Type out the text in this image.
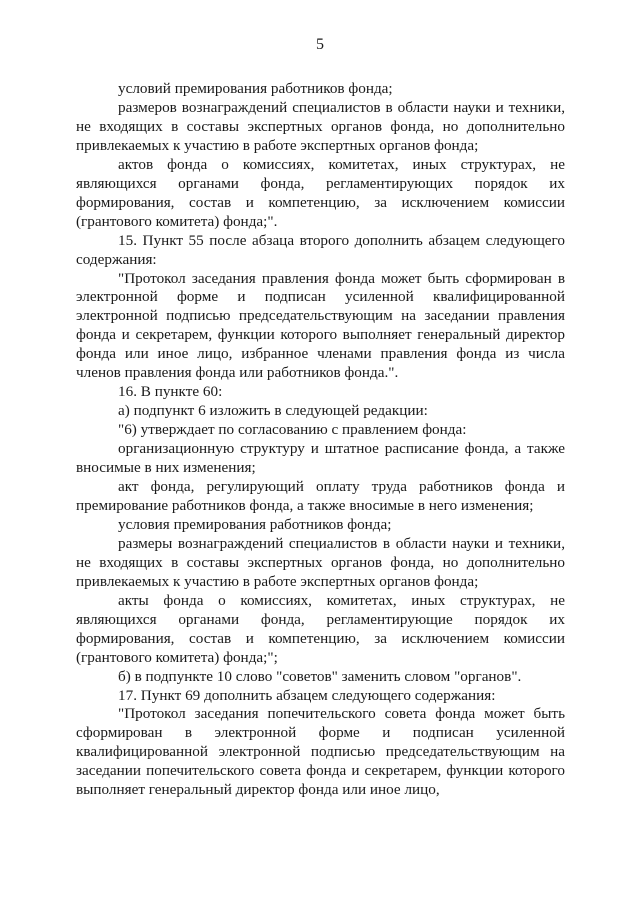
5

условий премирования работников фонда;

размеров вознаграждений специалистов в области науки и техники, не входящих в составы экспертных органов фонда, но дополнительно привлекаемых к участию в работе экспертных органов фонда;

актов фонда о комиссиях, комитетах, иных структурах, не являющихся органами фонда, регламентирующих порядок их формирования, состав и компетенцию, за исключением комиссии (грантового комитета) фонда;".

15. Пункт 55 после абзаца второго дополнить абзацем следующего содержания:

"Протокол заседания правления фонда может быть сформирован в электронной форме и подписан усиленной квалифицированной электронной подписью председательствующим на заседании правления фонда и секретарем, функции которого выполняет генеральный директор фонда или иное лицо, избранное членами правления фонда из числа членов правления фонда или работников фонда.".

16. В пункте 60:

а) подпункт 6 изложить в следующей редакции:

"6) утверждает по согласованию с правлением фонда:

организационную структуру и штатное расписание фонда, а также вносимые в них изменения;

акт фонда, регулирующий оплату труда работников фонда и премирование работников фонда, а также вносимые в него изменения;

условия премирования работников фонда;

размеры вознаграждений специалистов в области науки и техники, не входящих в составы экспертных органов фонда, но дополнительно привлекаемых к участию в работе экспертных органов фонда;

акты фонда о комиссиях, комитетах, иных структурах, не являющихся органами фонда, регламентирующие порядок их формирования, состав и компетенцию, за исключением комиссии (грантового комитета) фонда;";

б) в подпункте 10 слово "советов" заменить словом "органов".

17. Пункт 69 дополнить абзацем следующего содержания:

"Протокол заседания попечительского совета фонда может быть сформирован в электронной форме и подписан усиленной квалифицированной электронной подписью председательствующим на заседании попечительского совета фонда и секретарем, функции которого выполняет генеральный директор фонда или иное лицо,
